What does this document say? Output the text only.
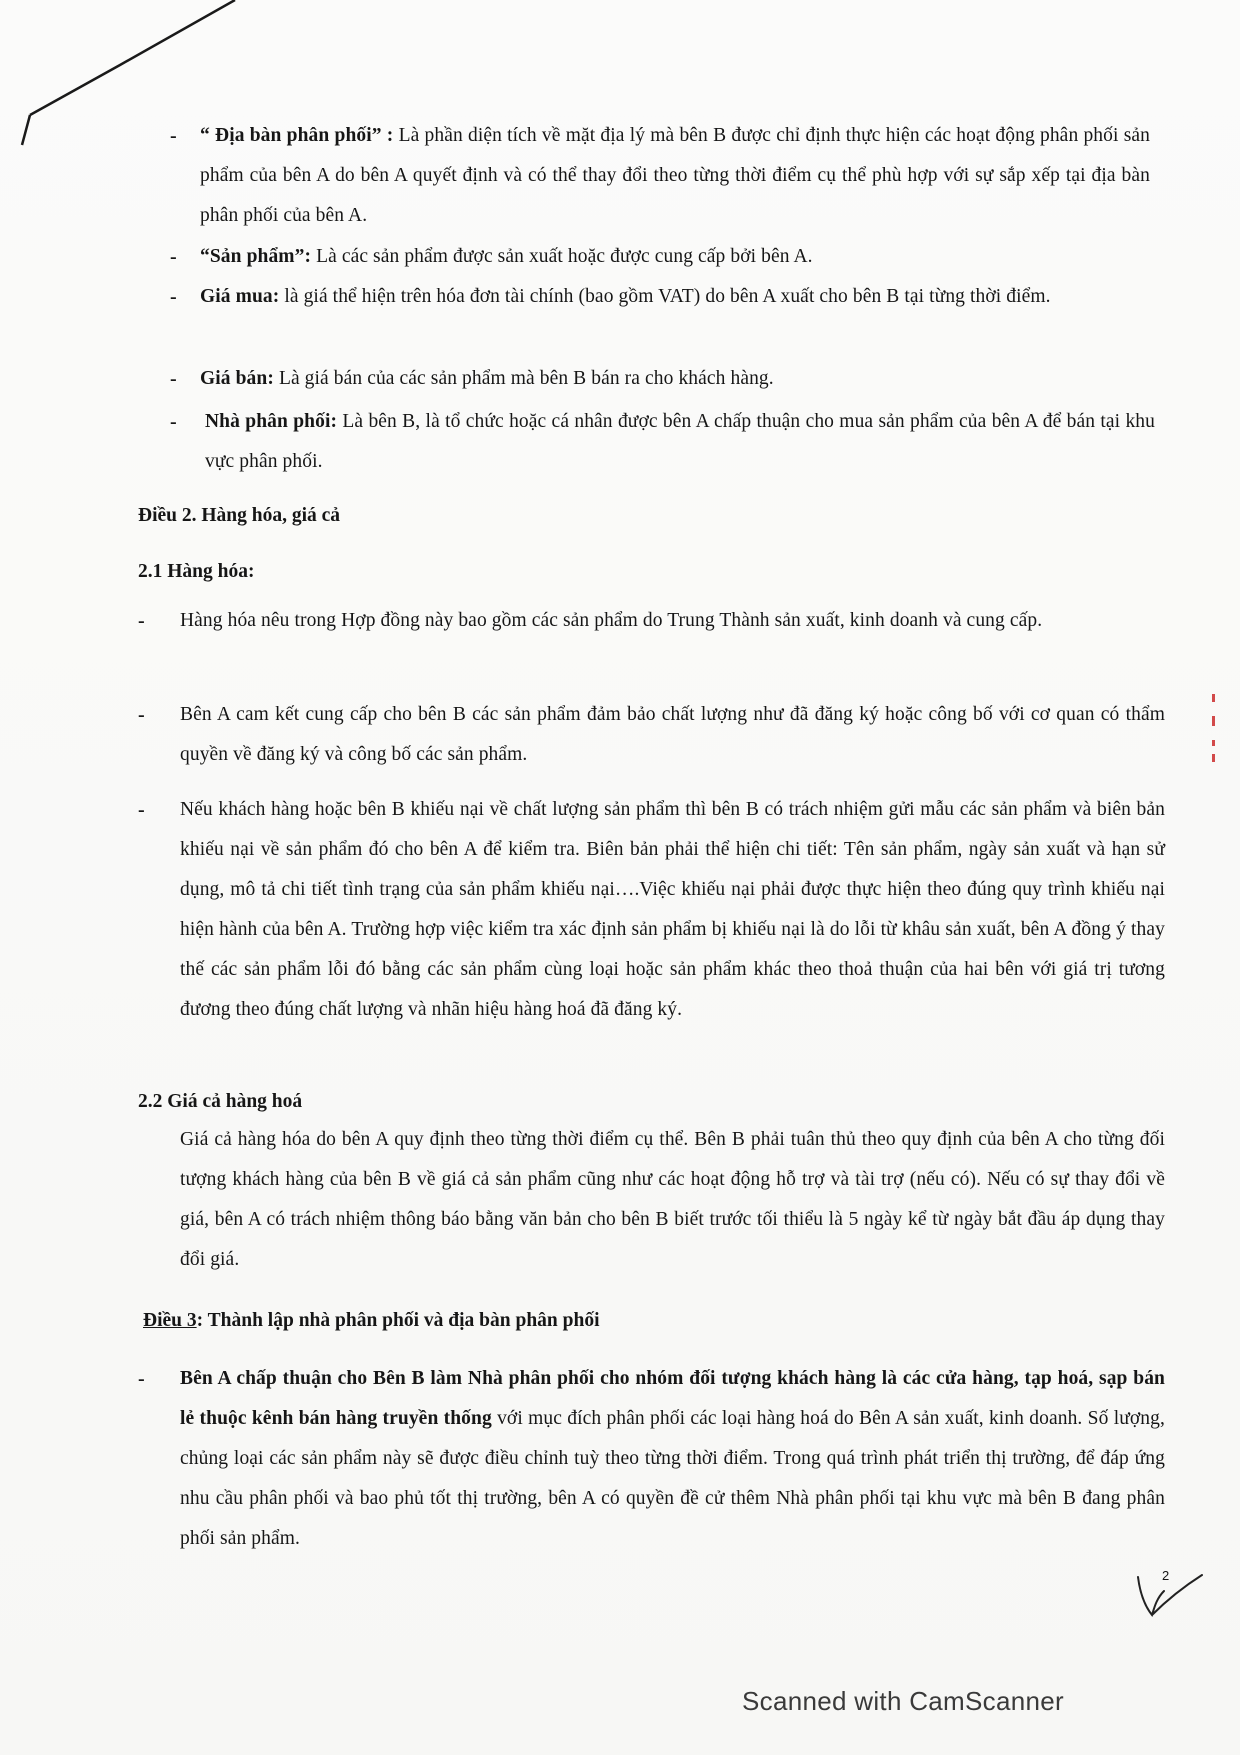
- “ Địa bàn phân phối” : Là phần diện tích về mặt địa lý mà bên B được chỉ định thực hiện các hoạt động phân phối sản phẩm của bên A do bên A quyết định và có thể thay đổi theo từng thời điểm cụ thể phù hợp với sự sắp xếp tại địa bàn phân phối của bên A.
- “Sản phẩm”: Là các sản phẩm được sản xuất hoặc được cung cấp bởi bên A.
- Giá mua: là giá thể hiện trên hóa đơn tài chính (bao gồm VAT) do bên A xuất cho bên B tại từng thời điểm.
- Giá bán: Là giá bán của các sản phẩm mà bên B bán ra cho khách hàng.
- Nhà phân phối: Là bên B, là tổ chức hoặc cá nhân được bên A chấp thuận cho mua sản phẩm của bên A để bán tại khu vực phân phối.
Điều 2. Hàng hóa, giá cả
2.1 Hàng hóa:
- Hàng hóa nêu trong Hợp đồng này bao gồm các sản phẩm do Trung Thành sản xuất, kinh doanh và cung cấp.
- Bên A cam kết cung cấp cho bên B các sản phẩm đảm bảo chất lượng như đã đăng ký hoặc công bố với cơ quan có thẩm quyền về đăng ký và công bố các sản phẩm.
- Nếu khách hàng hoặc bên B khiếu nại về chất lượng sản phẩm thì bên B có trách nhiệm gửi mẫu các sản phẩm và biên bản khiếu nại về sản phẩm đó cho bên A để kiểm tra. Biên bản phải thể hiện chi tiết: Tên sản phẩm, ngày sản xuất và hạn sử dụng, mô tả chi tiết tình trạng của sản phẩm khiếu nại….Việc khiếu nại phải được thực hiện theo đúng quy trình khiếu nại hiện hành của bên A. Trường hợp việc kiểm tra xác định sản phẩm bị khiếu nại là do lỗi từ khâu sản xuất, bên A đồng ý thay thế các sản phẩm lỗi đó bằng các sản phẩm cùng loại hoặc sản phẩm khác theo thoả thuận của hai bên với giá trị tương đương theo đúng chất lượng và nhãn hiệu hàng hoá đã đăng ký.
2.2 Giá cả hàng hoá
Giá cả hàng hóa do bên A quy định theo từng thời điểm cụ thể. Bên B phải tuân thủ theo quy định của bên A cho từng đối tượng khách hàng của bên B về giá cả sản phẩm cũng như các hoạt động hỗ trợ và tài trợ (nếu có). Nếu có sự thay đổi về giá, bên A có trách nhiệm thông báo bằng văn bản cho bên B biết trước tối thiểu là 5 ngày kể từ ngày bắt đầu áp dụng thay đổi giá.
Điều 3: Thành lập nhà phân phối và địa bàn phân phối
- Bên A chấp thuận cho Bên B làm Nhà phân phối cho nhóm đối tượng khách hàng là các cửa hàng, tạp hoá, sạp bán lẻ thuộc kênh bán hàng truyền thống với mục đích phân phối các loại hàng hoá do Bên A sản xuất, kinh doanh. Số lượng, chủng loại các sản phẩm này sẽ được điều chỉnh tuỳ theo từng thời điểm. Trong quá trình phát triển thị trường, để đáp ứng nhu cầu phân phối và bao phủ tốt thị trường, bên A có quyền đề cử thêm Nhà phân phối tại khu vực mà bên B đang phân phối sản phẩm.
2
Scanned with CamScanner
